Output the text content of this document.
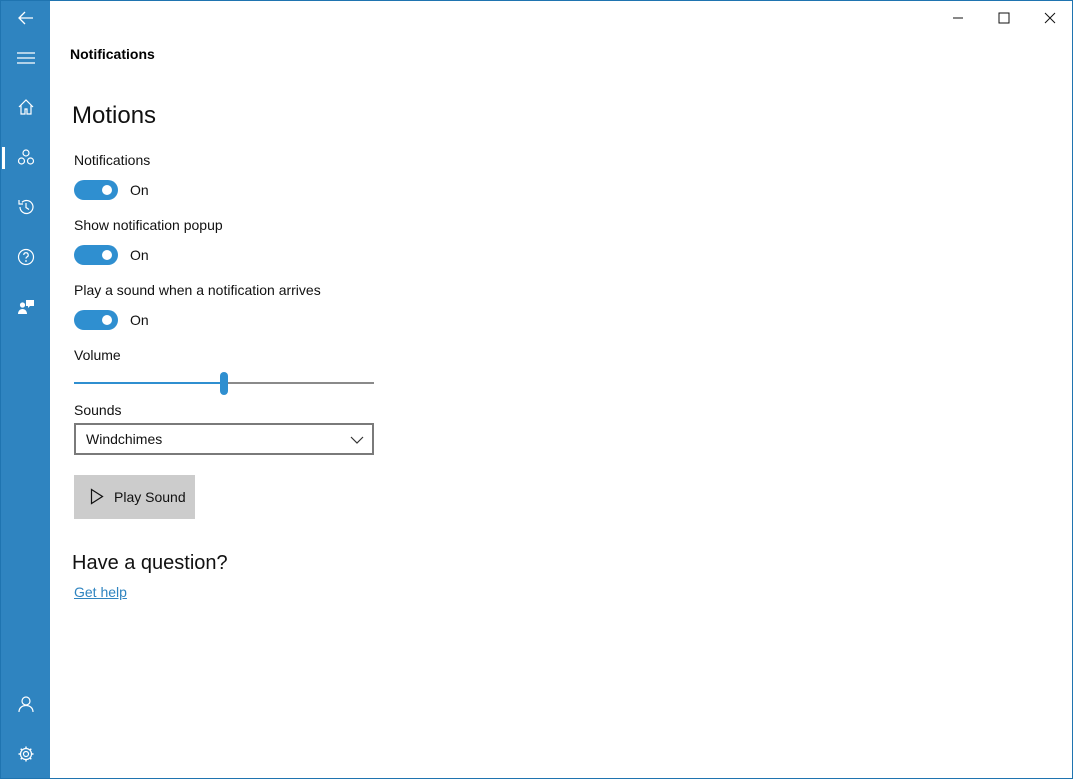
Notifications
Motions
Notifications
On
Show notification popup
On
Play a sound when a notification arrives
On
Volume
Sounds
Windchimes
Play Sound
Have a question?
Get help
